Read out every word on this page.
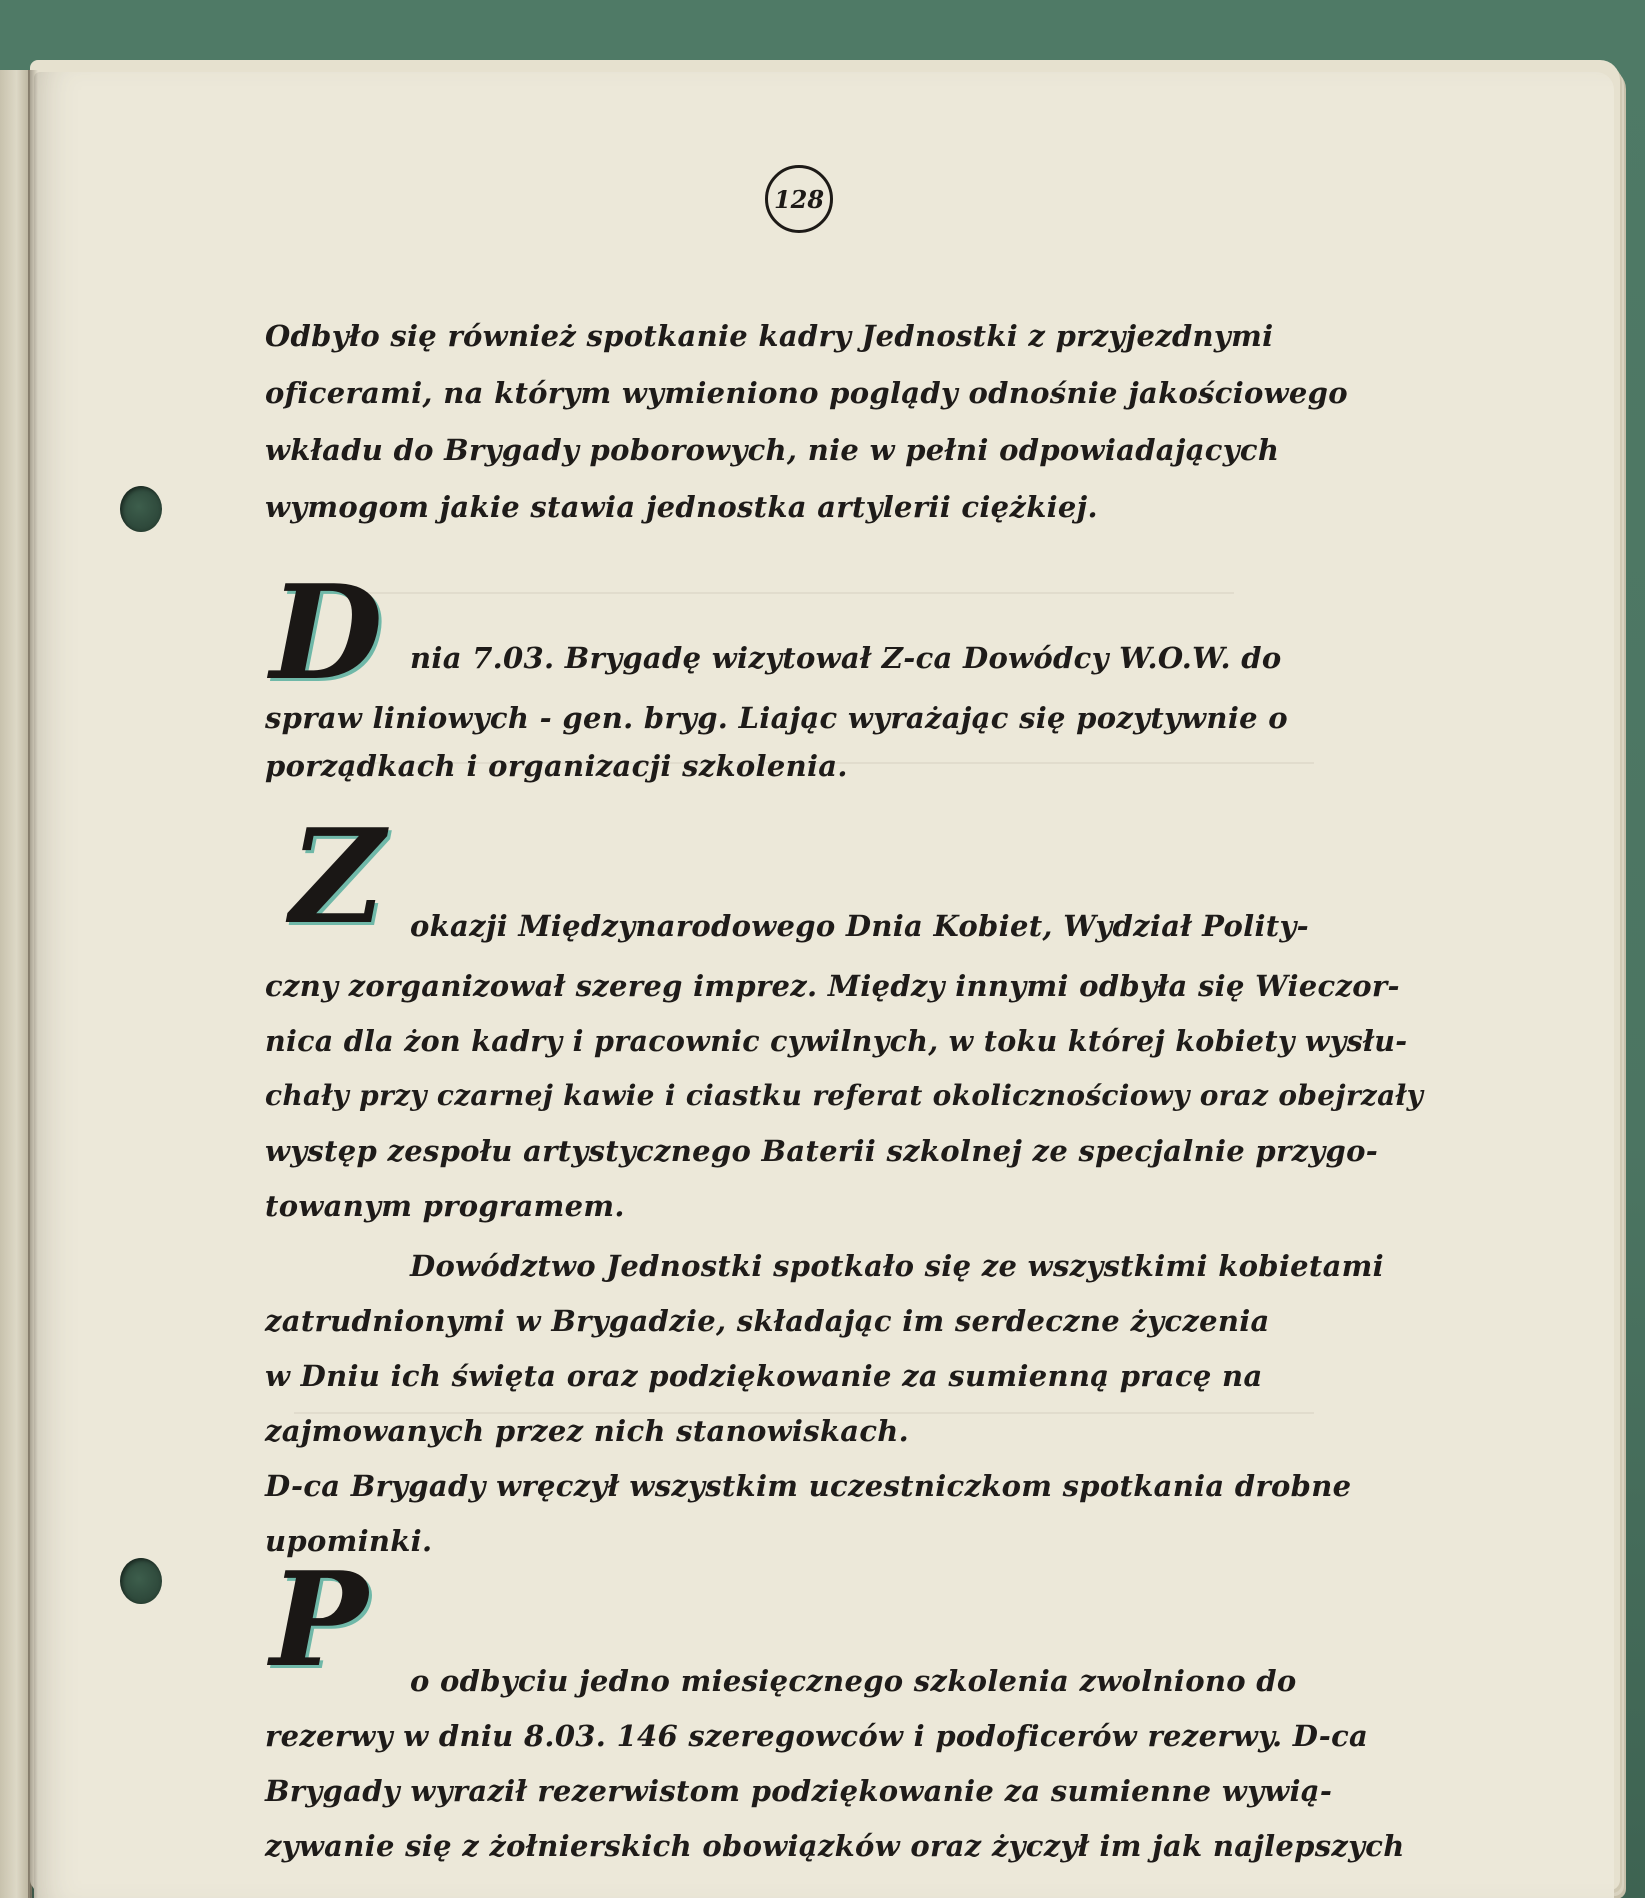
128
Odbyło się również spotkanie kadry Jednostki z przyjezdnymi
oficerami, na którym wymieniono poglądy odnośnie jakościowego
wkładu do Brygady poborowych, nie w pełni odpowiadających
wymogom jakie stawia jednostka artylerii ciężkiej.
D nia 7.03. Brygadę wizytował Z-ca Dowódcy W.O.W. do
spraw liniowych - gen. bryg. Liając wyrażając się pozytywnie o
porządkach i organizacji szkolenia.
Z okazji Międzynarodowego Dnia Kobiet, Wydział Polity-
czny zorganizował szereg imprez. Między innymi odbyła się Wieczor-
nica dla żon kadry i pracownic cywilnych, w toku której kobiety wysłu-
chały przy czarnej kawie i ciastku referat okolicznościowy oraz obejrzały
występ zespołu artystycznego Baterii szkolnej ze specjalnie przygo-
towanym programem.
Dowództwo Jednostki spotkało się ze wszystkimi kobietami
zatrudnionymi w Brygadzie, składając im serdeczne życzenia
w Dniu ich święta oraz podziękowanie za sumienną pracę na
zajmowanych przez nich stanowiskach.
D-ca Brygady wręczył wszystkim uczestniczkom spotkania drobne
upominki.
P o odbyciu jedno miesięcznego szkolenia zwolniono do
rezerwy w dniu 8.03. 146 szeregowców i podoficerów rezerwy. D-ca
Brygady wyraził rezerwistom podziękowanie za sumienne wywią-
zywanie się z żołnierskich obowiązków oraz życzył im jak najlepszych
